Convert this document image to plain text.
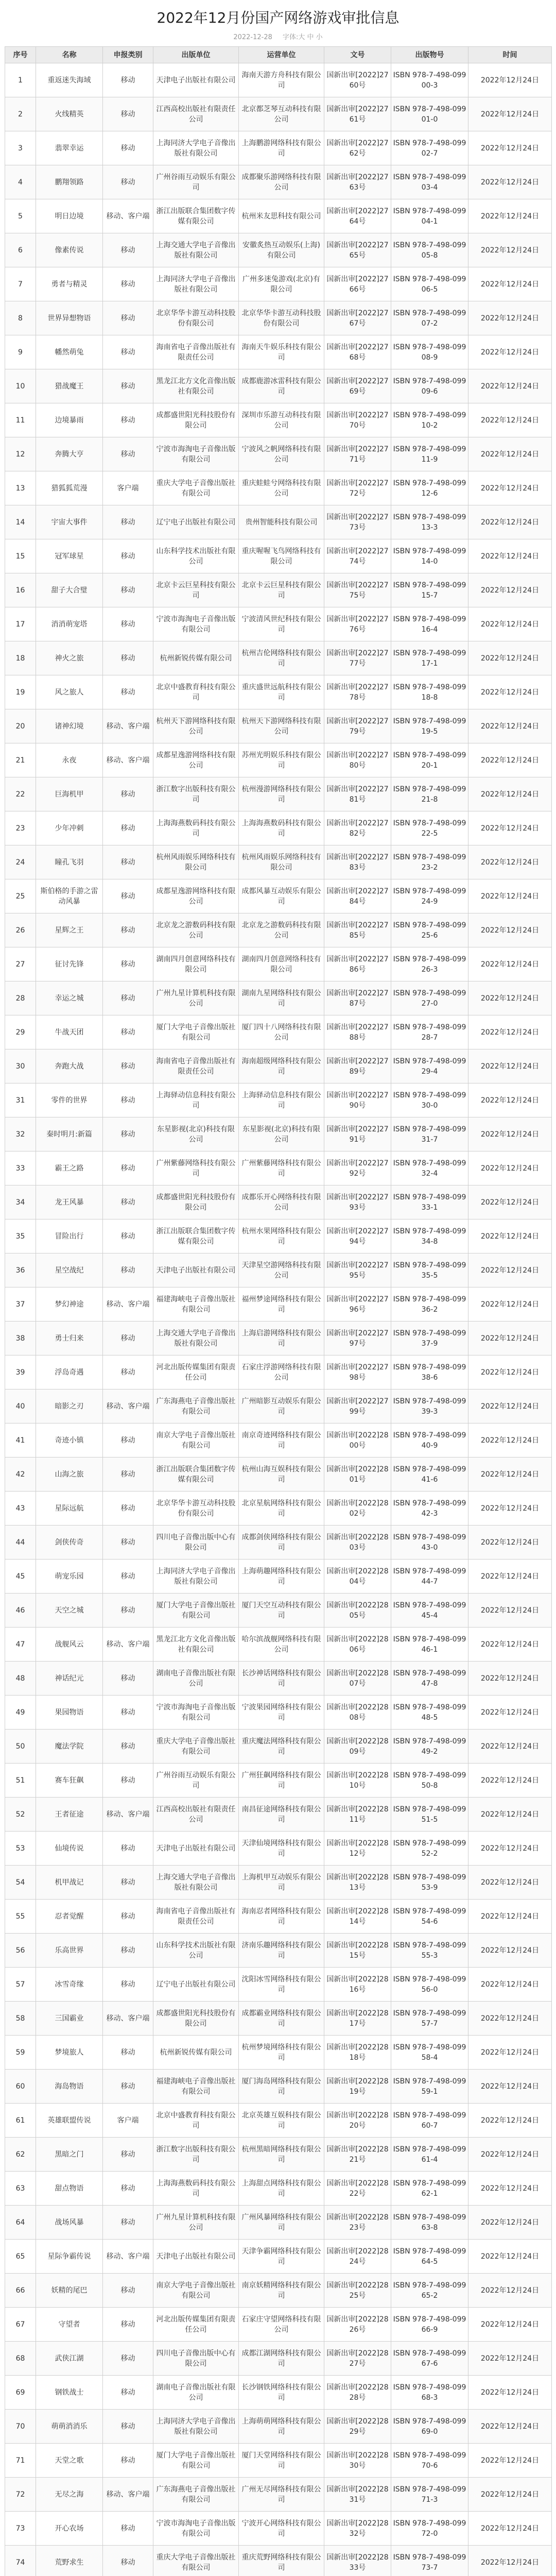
2022年12月份国产网络游戏审批信息
2022-12-28 字体:大 中 小
序号	名称	申报类别	出版单位	运营单位	文号	出版物号	时间
1	重返迷失海域	移动	天津电子出版社有限公司	海南天游方舟科技有限公司	国新出审[2022]2760号	ISBN 978-7-498-09900-3	2022年12月24日
2	火线精英	移动	江西高校出版社有限责任公司	北京都芝琴互动科技有限公司	国新出审[2022]2761号	ISBN 978-7-498-09901-0	2022年12月24日
3	翡翠幸运	移动	上海同济大学电子音像出版社有限公司	上海鹏游网络科技有限公司	国新出审[2022]2762号	ISBN 978-7-498-09902-7	2022年12月24日
4	鹏翔领路	移动	广州谷雨互动娱乐有限公司	成都聚乐游网络科技有限公司	国新出审[2022]2763号	ISBN 978-7-498-09903-4	2022年12月24日
5	明日边境	移动、客户端	浙江出版联合集团数字传媒有限公司	杭州米友思科技有限公司	国新出审[2022]2764号	ISBN 978-7-498-09904-1	2022年12月24日
6	像素传说	移动	上海交通大学电子音像出版社有限公司	安徽炙热互动娱乐(上海)有限公司	国新出审[2022]2765号	ISBN 978-7-498-09905-8	2022年12月24日
7	勇者与精灵	移动	上海同济大学电子音像出版社有限公司	广州多迷兔游戏(北京)有限公司	国新出审[2022]2766号	ISBN 978-7-498-09906-5	2022年12月24日
8	世界异想物语	移动	北京华华卡游互动科技股份有限公司	北京华华卡游互动科技股份有限公司	国新出审[2022]2767号	ISBN 978-7-498-09907-2	2022年12月24日
9	幡然萌兔	移动	海南省电子音像出版社有限责任公司	海南天牛娱乐科技有限公司	国新出审[2022]2768号	ISBN 978-7-498-09908-9	2022年12月24日
10	猎战魔王	移动	黑龙江北方文化音像出版社有限公司	成都鹿游冰雷科技有限公司	国新出审[2022]2769号	ISBN 978-7-498-09909-6	2022年12月24日
11	边境暴雨	移动	成都盛世阳光科技股份有限公司	深圳市乐游互动科技有限公司	国新出审[2022]2770号	ISBN 978-7-498-09910-2	2022年12月24日
12	奔腾大亨	移动	宁波市海淘电子音像出版有限公司	宁波风之帆网络科技有限公司	国新出审[2022]2771号	ISBN 978-7-498-09911-9	2022年12月24日
13	猎狐狐荒漫	客户端	重庆大学电子音像出版社有限公司	重庆蛙蛙兮网络科技有限公司	国新出审[2022]2772号	ISBN 978-7-498-09912-6	2022年12月24日
14	宇宙大事件	移动	辽宁电子出版社有限公司	贵州智能科技有限公司	国新出审[2022]2773号	ISBN 978-7-498-09913-3	2022年12月24日
15	冠军球星	移动	山东科学技术出版社有限公司	重庆喔喔飞鸟网络科技有限公司	国新出审[2022]2774号	ISBN 978-7-498-09914-0	2022年12月24日
16	甜子大合璧	移动	北京卡云巨星科技有限公司	北京卡云巨星科技有限公司	国新出审[2022]2775号	ISBN 978-7-498-09915-7	2022年12月24日
17	消消萌宠塔	移动	宁波市海淘电子音像出版有限公司	宁波清风世纪科技有限公司	国新出审[2022]2776号	ISBN 978-7-498-09916-4	2022年12月24日
18	神火之旅	移动	杭州新锐传媒有限公司	杭州吉伦网络科技有限公司	国新出审[2022]2777号	ISBN 978-7-498-09917-1	2022年12月24日
19	风之旅人	移动	北京中盛教育科技有限公司	重庆盛世远航科技有限公司	国新出审[2022]2778号	ISBN 978-7-498-09918-8	2022年12月24日
20	诸神幻境	移动、客户端	杭州天下游网络科技有限公司	杭州天下游网络科技有限公司	国新出审[2022]2779号	ISBN 978-7-498-09919-5	2022年12月24日
21	永夜	移动、客户端	成都星逸游网络科技有限公司	苏州光明娱乐科技有限公司	国新出审[2022]2780号	ISBN 978-7-498-09920-1	2022年12月24日
22	巨海机甲	移动	浙江数字出版科技有限公司	杭州漫游网络科技有限公司	国新出审[2022]2781号	ISBN 978-7-498-09921-8	2022年12月24日
23	少年冲刺	移动	上海海燕数码科技有限公司	上海海燕数码科技有限公司	国新出审[2022]2782号	ISBN 978-7-498-09922-5	2022年12月24日
24	瞳孔飞羽	移动	杭州风雨娱乐网络科技有限公司	杭州风雨娱乐网络科技有限公司	国新出审[2022]2783号	ISBN 978-7-498-09923-2	2022年12月24日
25	斯伯格的手游之雷动风暴	移动	成都星逸游网络科技有限公司	成都风暴互动娱乐有限公司	国新出审[2022]2784号	ISBN 978-7-498-09924-9	2022年12月24日
26	星辉之王	移动	北京龙之游数码科技有限公司	北京龙之游数码科技有限公司	国新出审[2022]2785号	ISBN 978-7-498-09925-6	2022年12月24日
27	征讨先锋	移动	湖南四月创意网络科技有限公司	湖南四月创意网络科技有限公司	国新出审[2022]2786号	ISBN 978-7-498-09926-3	2022年12月24日
28	幸运之城	移动	广州九星计算机科技有限公司	湖南九星网络科技有限公司	国新出审[2022]2787号	ISBN 978-7-498-09927-0	2022年12月24日
29	牛战天团	移动	厦门大学电子音像出版社有限公司	厦门四十八网络科技有限公司	国新出审[2022]2788号	ISBN 978-7-498-09928-7	2022年12月24日
30	奔跑大战	移动	海南省电子音像出版社有限责任公司	海南超级网络科技有限公司	国新出审[2022]2789号	ISBN 978-7-498-09929-4	2022年12月24日
31	零件的世界	移动	上海驿动信息科技有限公司	上海驿动信息科技有限公司	国新出审[2022]2790号	ISBN 978-7-498-09930-0	2022年12月24日
32	秦时明月:新篇	移动	东星影视(北京)科技有限公司	东星影视(北京)科技有限公司	国新出审[2022]2791号	ISBN 978-7-498-09931-7	2022年12月24日
33	霸王之路	移动	广州紫藤网络科技有限公司	广州紫藤网络科技有限公司	国新出审[2022]2792号	ISBN 978-7-498-09932-4	2022年12月24日
34	龙王风暴	移动	成都盛世阳光科技股份有限公司	成都乐开心网络科技有限公司	国新出审[2022]2793号	ISBN 978-7-498-09933-1	2022年12月24日
35	冒险出行	移动	浙江出版联合集团数字传媒有限公司	杭州水果网络科技有限公司	国新出审[2022]2794号	ISBN 978-7-498-09934-8	2022年12月24日
36	星空战纪	移动	天津电子出版社有限公司	天津星空游网络科技有限公司	国新出审[2022]2795号	ISBN 978-7-498-09935-5	2022年12月24日
37	梦幻神途	移动、客户端	福建海峡电子音像出版社有限公司	福州梦途网络科技有限公司	国新出审[2022]2796号	ISBN 978-7-498-09936-2	2022年12月24日
38	勇士归来	移动	上海交通大学电子音像出版社有限公司	上海启游网络科技有限公司	国新出审[2022]2797号	ISBN 978-7-498-09937-9	2022年12月24日
39	浮岛奇遇	移动	河北出版传媒集团有限责任公司	石家庄浮游网络科技有限公司	国新出审[2022]2798号	ISBN 978-7-498-09938-6	2022年12月24日
40	暗影之刃	移动、客户端	广东海燕电子音像出版社有限公司	广州暗影互动娱乐有限公司	国新出审[2022]2799号	ISBN 978-7-498-09939-3	2022年12月24日
41	奇迹小镇	移动	南京大学电子音像出版社有限公司	南京奇迹网络科技有限公司	国新出审[2022]2800号	ISBN 978-7-498-09940-9	2022年12月24日
42	山海之旅	移动	浙江出版联合集团数字传媒有限公司	杭州山海互娱科技有限公司	国新出审[2022]2801号	ISBN 978-7-498-09941-6	2022年12月24日
43	星际远航	移动	北京华华卡游互动科技股份有限公司	北京星航网络科技有限公司	国新出审[2022]2802号	ISBN 978-7-498-09942-3	2022年12月24日
44	剑侠传奇	移动	四川电子音像出版中心有限公司	成都剑侠网络科技有限公司	国新出审[2022]2803号	ISBN 978-7-498-09943-0	2022年12月24日
45	萌宠乐园	移动	上海同济大学电子音像出版社有限公司	上海萌趣网络科技有限公司	国新出审[2022]2804号	ISBN 978-7-498-09944-7	2022年12月24日
46	天空之城	移动	厦门大学电子音像出版社有限公司	厦门天空互动科技有限公司	国新出审[2022]2805号	ISBN 978-7-498-09945-4	2022年12月24日
47	战舰风云	移动、客户端	黑龙江北方文化音像出版社有限公司	哈尔滨战舰网络科技有限公司	国新出审[2022]2806号	ISBN 978-7-498-09946-1	2022年12月24日
48	神话纪元	移动	湖南电子音像出版社有限公司	长沙神话网络科技有限公司	国新出审[2022]2807号	ISBN 978-7-498-09947-8	2022年12月24日
49	果园物语	移动	宁波市海淘电子音像出版有限公司	宁波果园网络科技有限公司	国新出审[2022]2808号	ISBN 978-7-498-09948-5	2022年12月24日
50	魔法学院	移动	重庆大学电子音像出版社有限公司	重庆魔法网络科技有限公司	国新出审[2022]2809号	ISBN 978-7-498-09949-2	2022年12月24日
51	赛车狂飙	移动	广州谷雨互动娱乐有限公司	广州狂飙网络科技有限公司	国新出审[2022]2810号	ISBN 978-7-498-09950-8	2022年12月24日
52	王者征途	移动、客户端	江西高校出版社有限责任公司	南昌征途网络科技有限公司	国新出审[2022]2811号	ISBN 978-7-498-09951-5	2022年12月24日
53	仙境传说	移动	天津电子出版社有限公司	天津仙境网络科技有限公司	国新出审[2022]2812号	ISBN 978-7-498-09952-2	2022年12月24日
54	机甲战记	移动	上海交通大学电子音像出版社有限公司	上海机甲互动娱乐有限公司	国新出审[2022]2813号	ISBN 978-7-498-09953-9	2022年12月24日
55	忍者觉醒	移动	海南省电子音像出版社有限责任公司	海南忍者网络科技有限公司	国新出审[2022]2814号	ISBN 978-7-498-09954-6	2022年12月24日
56	乐高世界	移动	山东科学技术出版社有限公司	济南乐趣网络科技有限公司	国新出审[2022]2815号	ISBN 978-7-498-09955-3	2022年12月24日
57	冰雪奇缘	移动	辽宁电子出版社有限公司	沈阳冰雪网络科技有限公司	国新出审[2022]2816号	ISBN 978-7-498-09956-0	2022年12月24日
58	三国霸业	移动、客户端	成都盛世阳光科技股份有限公司	成都霸业网络科技有限公司	国新出审[2022]2817号	ISBN 978-7-498-09957-7	2022年12月24日
59	梦境旅人	移动	杭州新锐传媒有限公司	杭州梦境网络科技有限公司	国新出审[2022]2818号	ISBN 978-7-498-09958-4	2022年12月24日
60	海岛物语	移动	福建海峡电子音像出版社有限公司	厦门海岛网络科技有限公司	国新出审[2022]2819号	ISBN 978-7-498-09959-1	2022年12月24日
61	英雄联盟传说	客户端	北京中盛教育科技有限公司	北京英雄互娱科技有限公司	国新出审[2022]2820号	ISBN 978-7-498-09960-7	2022年12月24日
62	黑暗之门	移动	浙江数字出版科技有限公司	杭州黑暗网络科技有限公司	国新出审[2022]2821号	ISBN 978-7-498-09961-4	2022年12月24日
63	甜点物语	移动	上海海燕数码科技有限公司	上海甜点网络科技有限公司	国新出审[2022]2822号	ISBN 978-7-498-09962-1	2022年12月24日
64	战场风暴	移动	广州九星计算机科技有限公司	广州风暴网络科技有限公司	国新出审[2022]2823号	ISBN 978-7-498-09963-8	2022年12月24日
65	星际争霸传说	移动、客户端	天津电子出版社有限公司	天津争霸网络科技有限公司	国新出审[2022]2824号	ISBN 978-7-498-09964-5	2022年12月24日
66	妖精的尾巴	移动	南京大学电子音像出版社有限公司	南京妖精网络科技有限公司	国新出审[2022]2825号	ISBN 978-7-498-09965-2	2022年12月24日
67	守望者	移动	河北出版传媒集团有限责任公司	石家庄守望网络科技有限公司	国新出审[2022]2826号	ISBN 978-7-498-09966-9	2022年12月24日
68	武侠江湖	移动	四川电子音像出版中心有限公司	成都江湖网络科技有限公司	国新出审[2022]2827号	ISBN 978-7-498-09967-6	2022年12月24日
69	钢铁战士	移动	湖南电子音像出版社有限公司	长沙钢铁网络科技有限公司	国新出审[2022]2828号	ISBN 978-7-498-09968-3	2022年12月24日
70	萌萌消消乐	移动	上海同济大学电子音像出版社有限公司	上海萌萌网络科技有限公司	国新出审[2022]2829号	ISBN 978-7-498-09969-0	2022年12月24日
71	天堂之歌	移动	厦门大学电子音像出版社有限公司	厦门天堂网络科技有限公司	国新出审[2022]2830号	ISBN 978-7-498-09970-6	2022年12月24日
72	无尽之海	移动、客户端	广东海燕电子音像出版社有限公司	广州无尽网络科技有限公司	国新出审[2022]2831号	ISBN 978-7-498-09971-3	2022年12月24日
73	开心农场	移动	宁波市海淘电子音像出版有限公司	宁波开心网络科技有限公司	国新出审[2022]2832号	ISBN 978-7-498-09972-0	2022年12月24日
74	荒野求生	移动	重庆大学电子音像出版社有限公司	重庆荒野网络科技有限公司	国新出审[2022]2833号	ISBN 978-7-498-09973-7	2022年12月24日
